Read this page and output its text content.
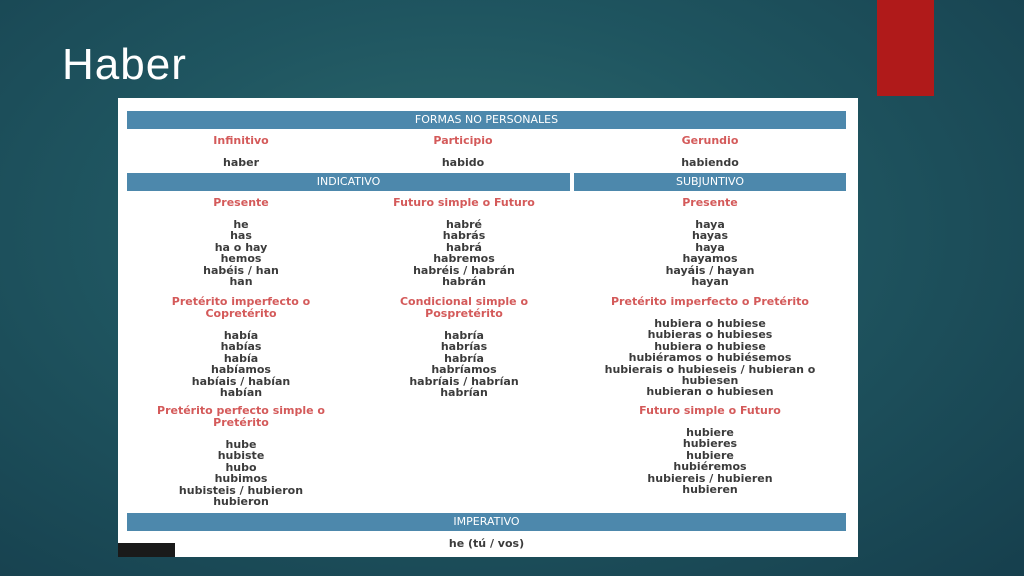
Haber
FORMAS NO PERSONALES
Infinitivo
haber
Participio
habido
Gerundio
habiendo
INDICATIVO	SUBJUNTIVO
Presente
he
has
ha o hay
hemos
habéis / han
han
Futuro simple o Futuro
habré
habrás
habrá
habremos
habréis / habrán
habrán
Pretérito imperfecto o
Copretérito
había
habías
había
habíamos
habíais / habían
habían
Condicional simple o
Pospretérito
habría
habrías
habría
habríamos
habríais / habrían
habrían
Pretérito perfecto simple o
Pretérito
hube
hubiste
hubo
hubimos
hubisteis / hubieron
hubieron
Presente
haya
hayas
haya
hayamos
hayáis / hayan
hayan
Pretérito imperfecto o Pretérito
hubiera o hubiese
hubieras o hubieses
hubiera o hubiese
hubiéramos o hubiésemos
hubierais o hubieseis / hubieran o
hubiesen
hubieran o hubiesen
Futuro simple o Futuro
hubiere
hubieres
hubiere
hubiéremos
hubiereis / hubieren
hubieren
IMPERATIVO
he (tú / vos)
